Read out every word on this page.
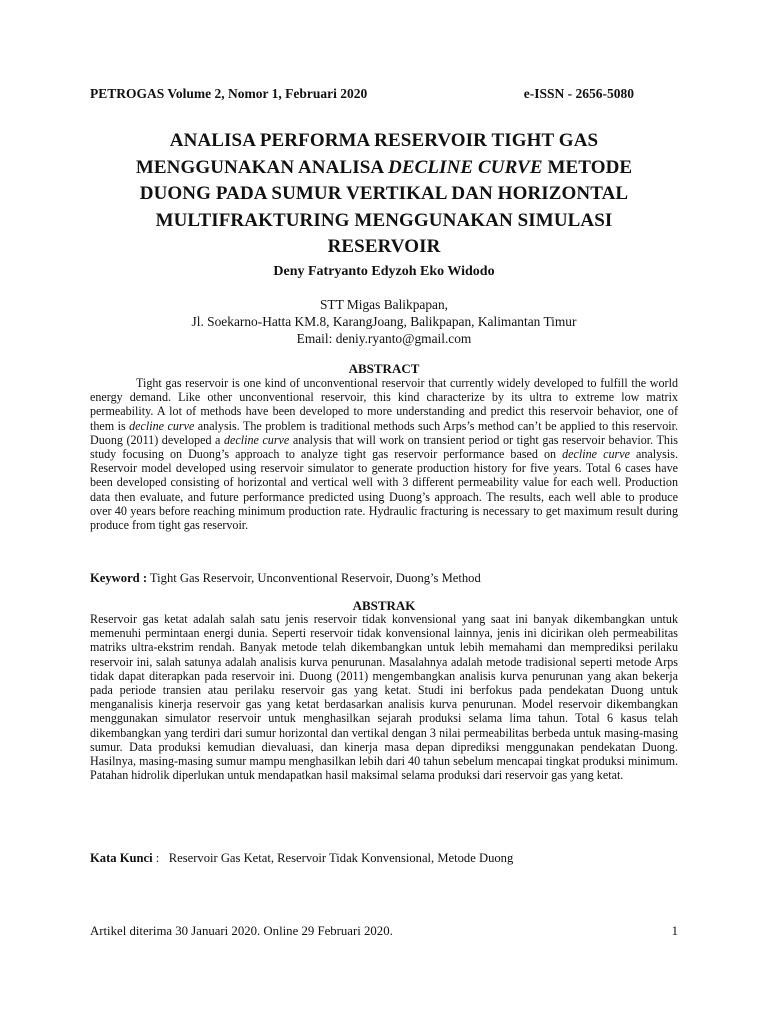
PETROGAS Volume 2, Nomor 1, Februari 2020	e-ISSN - 2656-5080
ANALISA PERFORMA RESERVOIR TIGHT GAS
MENGGUNAKAN ANALISA DECLINE CURVE METODE
DUONG PADA SUMUR VERTIKAL DAN HORIZONTAL
MULTIFRAKTURING MENGGUNAKAN SIMULASI
RESERVOIR
Deny Fatryanto Edyzoh Eko Widodo
STT Migas Balikpapan,
Jl. Soekarno-Hatta KM.8, KarangJoang, Balikpapan, Kalimantan Timur
Email: deniy.ryanto@gmail.com
ABSTRACT
Tight gas reservoir is one kind of unconventional reservoir that currently widely developed to fulfill the world energy demand. Like other unconventional reservoir, this kind characterize by its ultra to extreme low matrix permeability. A lot of methods have been developed to more understanding and predict this reservoir behavior, one of them is decline curve analysis. The problem is traditional methods such Arps’s method can’t be applied to this reservoir. Duong (2011) developed a decline curve analysis that will work on transient period or tight gas reservoir behavior. This study focusing on Duong’s approach to analyze tight gas reservoir performance based on decline curve analysis. Reservoir model developed using reservoir simulator to generate production history for five years. Total 6 cases have been developed consisting of horizontal and vertical well with 3 different permeability value for each well. Production data then evaluate, and future performance predicted using Duong’s approach. The results, each well able to produce over 40 years before reaching minimum production rate. Hydraulic fracturing is necessary to get maximum result during produce from tight gas reservoir.
Keyword : Tight Gas Reservoir, Unconventional Reservoir, Duong’s Method
ABSTRAK
Reservoir gas ketat adalah salah satu jenis reservoir tidak konvensional yang saat ini banyak dikembangkan untuk memenuhi permintaan energi dunia. Seperti reservoir tidak konvensional lainnya, jenis ini dicirikan oleh permeabilitas matriks ultra-ekstrim rendah. Banyak metode telah dikembangkan untuk lebih memahami dan memprediksi perilaku reservoir ini, salah satunya adalah analisis kurva penurunan. Masalahnya adalah metode tradisional seperti metode Arps tidak dapat diterapkan pada reservoir ini. Duong (2011) mengembangkan analisis kurva penurunan yang akan bekerja pada periode transien atau perilaku reservoir gas yang ketat. Studi ini berfokus pada pendekatan Duong untuk menganalisis kinerja reservoir gas yang ketat berdasarkan analisis kurva penurunan. Model reservoir dikembangkan menggunakan simulator reservoir untuk menghasilkan sejarah produksi selama lima tahun. Total 6 kasus telah dikembangkan yang terdiri dari sumur horizontal dan vertikal dengan 3 nilai permeabilitas berbeda untuk masing-masing sumur. Data produksi kemudian dievaluasi, dan kinerja masa depan diprediksi menggunakan pendekatan Duong. Hasilnya, masing-masing sumur mampu menghasilkan lebih dari 40 tahun sebelum mencapai tingkat produksi minimum. Patahan hidrolik diperlukan untuk mendapatkan hasil maksimal selama produksi dari reservoir gas yang ketat.
Kata Kunci :   Reservoir Gas Ketat, Reservoir Tidak Konvensional, Metode Duong
Artikel diterima 30 Januari 2020. Online 29 Februari 2020.	1
